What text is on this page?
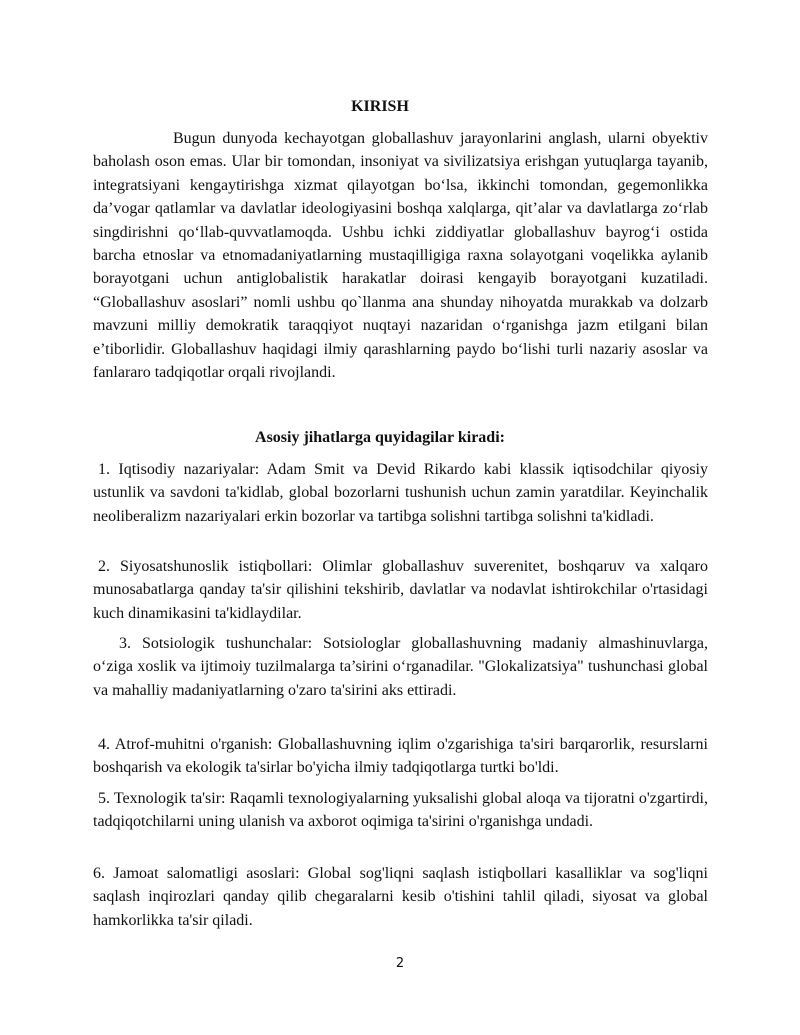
KIRISH

Bugun dunyoda kechayotgan globallashuv jarayonlarini anglash, ularni obyektiv baholash oson emas. Ular bir tomondan, insoniyat va sivilizatsiya erishgan yutuqlarga tayanib, integratsiyani kengaytirishga xizmat qilayotgan bo‘lsa, ikkinchi tomondan, gegemonlikka da’vogar qatlamlar va davlatlar ideologiyasini boshqa xalqlarga, qit’alar va davlatlarga zo‘rlab singdirishni qo‘llab-quvvatlamoqda. Ushbu ichki ziddiyatlar globallashuv bayrog‘i ostida barcha etnoslar va etnomadaniyatlarning mustaqilligiga raxna solayotgani voqelikka aylanib borayotgani uchun antiglobalistik harakatlar doirasi kengayib borayotgani kuzatiladi. “Globallashuv asoslari” nomli ushbu qo`llanma ana shunday nihoyatda murakkab va dolzarb mavzuni milliy demokratik taraqqiyot nuqtayi nazaridan o‘rganishga jazm etilgani bilan e’tiborlidir. Globallashuv haqidagi ilmiy qarashlarning paydo bo‘lishi turli nazariy asoslar va fanlararo tadqiqotlar orqali rivojlandi.

Asosiy jihatlarga quyidagilar kiradi:

1. Iqtisodiy nazariyalar: Adam Smit va Devid Rikardo kabi klassik iqtisodchilar qiyosiy ustunlik va savdoni ta'kidlab, global bozorlarni tushunish uchun zamin yaratdilar. Keyinchalik neoliberalizm nazariyalari erkin bozorlar va tartibga solishni tartibga solishni ta'kidladi.

2. Siyosatshunoslik istiqbollari: Olimlar globallashuv suverenitet, boshqaruv va xalqaro munosabatlarga qanday ta'sir qilishini tekshirib, davlatlar va nodavlat ishtirokchilar o'rtasidagi kuch dinamikasini ta'kidlaydilar.

3. Sotsiologik tushunchalar: Sotsiologlar globallashuvning madaniy almashinuvlarga, o‘ziga xoslik va ijtimoiy tuzilmalarga ta’sirini o‘rganadilar. "Glokalizatsiya" tushunchasi global va mahalliy madaniyatlarning o'zaro ta'sirini aks ettiradi.

4. Atrof-muhitni o'rganish: Globallashuvning iqlim o'zgarishiga ta'siri barqarorlik, resurslarni boshqarish va ekologik ta'sirlar bo'yicha ilmiy tadqiqotlarga turtki bo'ldi.

5. Texnologik ta'sir: Raqamli texnologiyalarning yuksalishi global aloqa va tijoratni o'zgartirdi, tadqiqotchilarni uning ulanish va axborot oqimiga ta'sirini o'rganishga undadi.

6. Jamoat salomatligi asoslari: Global sog'liqni saqlash istiqbollari kasalliklar va sog'liqni saqlash inqirozlari qanday qilib chegaralarni kesib o'tishini tahlil qiladi, siyosat va global hamkorlikka ta'sir qiladi.

2
